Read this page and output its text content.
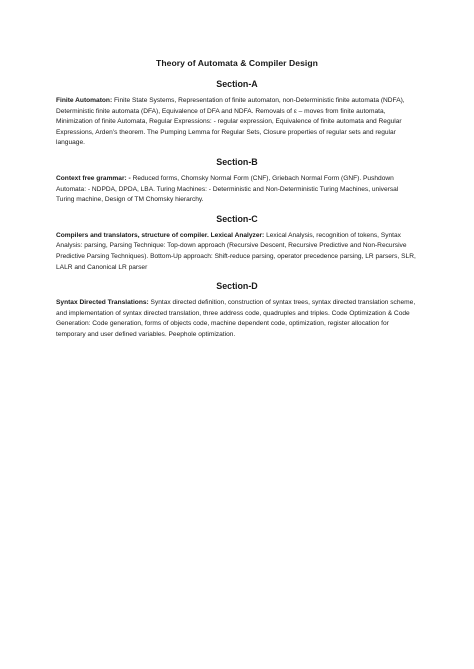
Theory of Automata & Compiler Design
Section-A

Finite Automaton: Finite State Systems, Representation of finite automaton, non-Deterministic finite automata (NDFA), Deterministic finite automata (DFA), Equivalence of DFA and NDFA. Removals of ε – moves from finite automata, Minimization of finite Automata, Regular Expressions: - regular expression, Equivalence of finite automata and Regular Expressions, Arden’s theorem. The Pumping Lemma for Regular Sets, Closure properties of regular sets and regular language.

Section-B

Context free grammar: - Reduced forms, Chomsky Normal Form (CNF), Griebach Normal Form (GNF). Pushdown Automata: - NDPDA, DPDA, LBA. Turing Machines: - Deterministic and Non-Deterministic Turing Machines, universal Turing machine, Design of TM Chomsky hierarchy.

Section-C

Compilers and translators, structure of compiler. Lexical Analyzer: Lexical Analysis, recognition of tokens, Syntax Analysis: parsing, Parsing Technique: Top-down approach (Recursive Descent, Recursive Predictive and Non-Recursive Predictive Parsing Techniques). Bottom-Up approach: Shift-reduce parsing, operator precedence parsing, LR parsers, SLR, LALR and Canonical LR parser

Section-D

Syntax Directed Translations: Syntax directed definition, construction of syntax trees, syntax directed translation scheme, and implementation of syntax directed translation, three address code, quadruples and triples. Code Optimization & Code Generation: Code generation, forms of objects code, machine dependent code, optimization, register allocation for temporary and user defined variables. Peephole optimization.
